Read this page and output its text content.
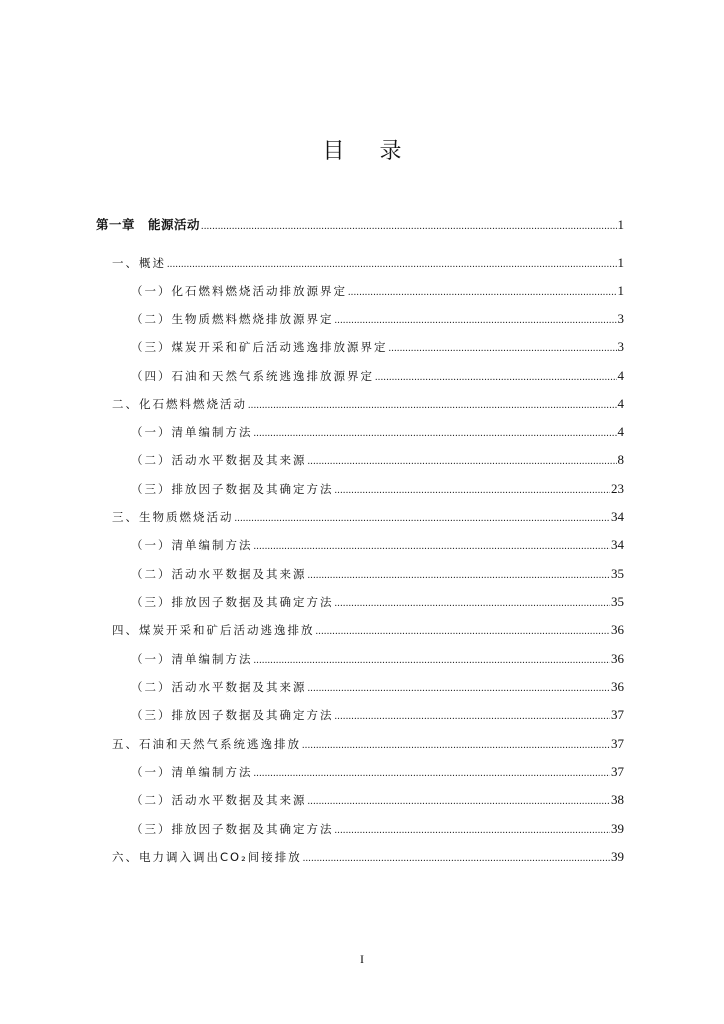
目 录
第一章　能源活动 .....	1
一、概述 .....	1
（一）化石燃料燃烧活动排放源界定 .....	1
（二）生物质燃料燃烧排放源界定 .....	3
（三）煤炭开采和矿后活动逃逸排放源界定 .....	3
（四）石油和天然气系统逃逸排放源界定 .....	4
二、化石燃料燃烧活动 .....	4
（一）清单编制方法 .....	4
（二）活动水平数据及其来源 .....	8
（三）排放因子数据及其确定方法 .....	23
三、生物质燃烧活动 .....	34
（一）清单编制方法 .....	34
（二）活动水平数据及其来源 .....	35
（三）排放因子数据及其确定方法 .....	35
四、煤炭开采和矿后活动逃逸排放 .....	36
（一）清单编制方法 .....	36
（二）活动水平数据及其来源 .....	36
（三）排放因子数据及其确定方法 .....	37
五、石油和天然气系统逃逸排放 .....	37
（一）清单编制方法 .....	37
（二）活动水平数据及其来源 .....	38
（三）排放因子数据及其确定方法 .....	39
六、电力调入调出CO₂间接排放 .....	39
I
